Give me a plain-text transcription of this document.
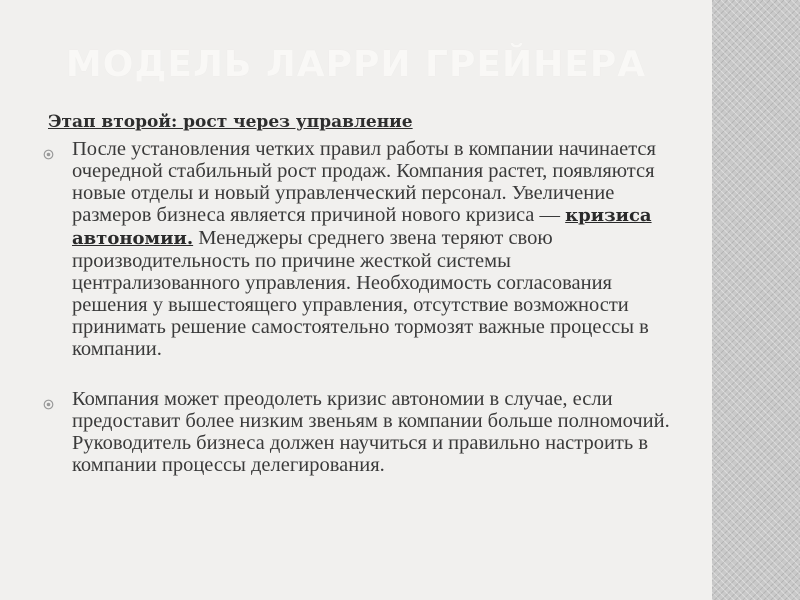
МОДЕЛЬ ЛАРРИ ГРЕЙНЕРА
Этап второй: рост через управление
После установления четких правил работы в компании начинается очередной стабильный рост продаж. Компания растет, появляются новые отделы и новый управленческий персонал. Увеличение размеров бизнеса является причиной нового кризиса — кризиса автономии. Менеджеры среднего звена теряют свою производительность по причине жесткой системы централизованного управления. Необходимость согласования решения у вышестоящего управления, отсутствие возможности принимать решение самостоятельно тормозят важные процессы в компании.
Компания может преодолеть кризис автономии в случае, если предоставит более низким звеньям в компании больше полномочий. Руководитель бизнеса должен научиться и правильно настроить в компании процессы делегирования.
